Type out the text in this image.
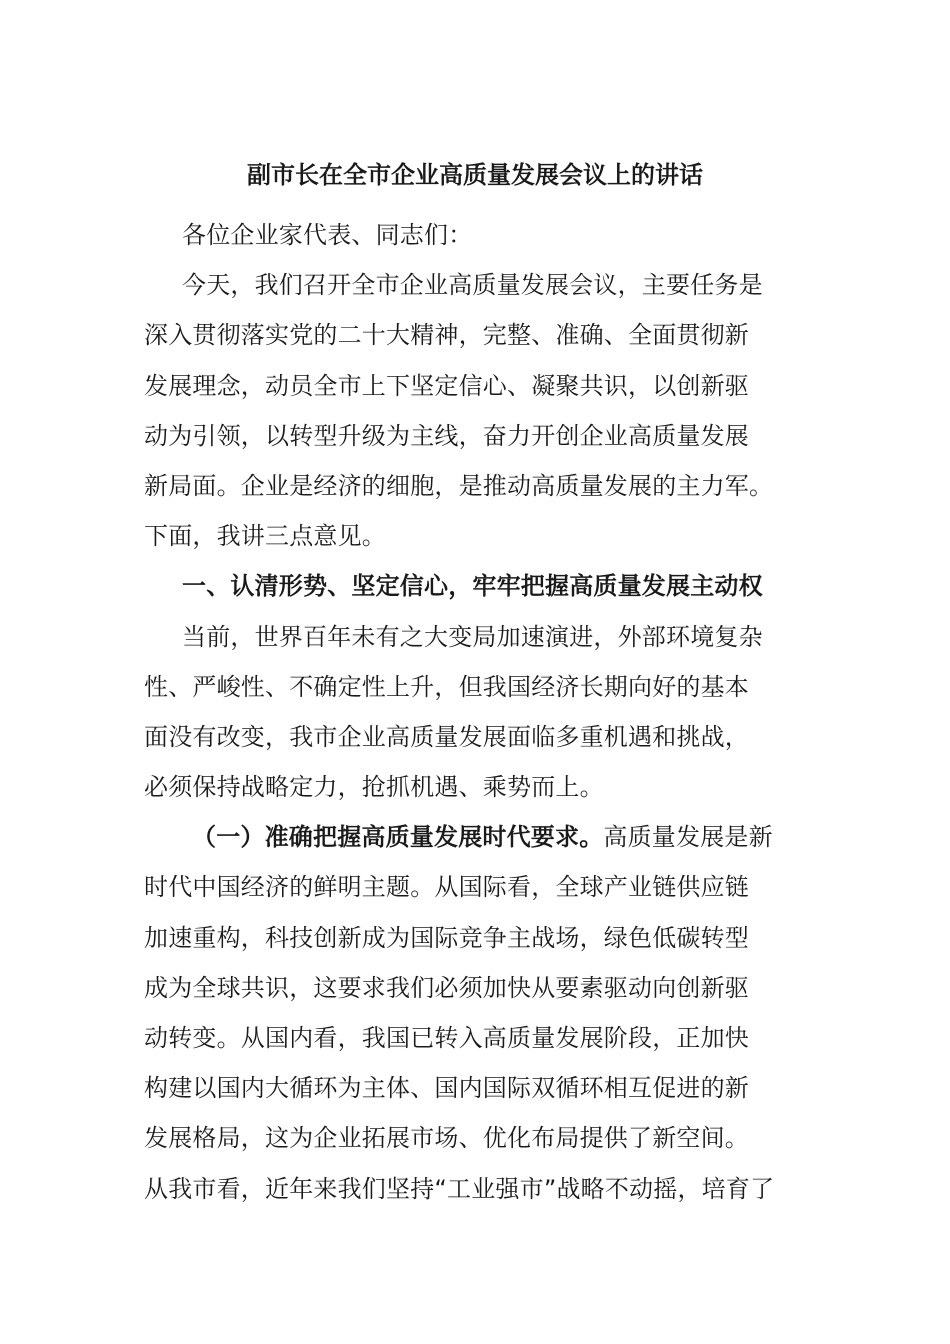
副市长在全市企业高质量发展会议上的讲话
各位企业家代表、同志们：
今天，我们召开全市企业高质量发展会议，主要任务是
深入贯彻落实党的二十大精神，完整、准确、全面贯彻新
发展理念，动员全市上下坚定信心、凝聚共识，以创新驱
动为引领，以转型升级为主线，奋力开创企业高质量发展
新局面。企业是经济的细胞，是推动高质量发展的主力军。
下面，我讲三点意见。
一、认清形势、坚定信心，牢牢把握高质量发展主动权
当前，世界百年未有之大变局加速演进，外部环境复杂
性、严峻性、不确定性上升，但我国经济长期向好的基本
面没有改变，我市企业高质量发展面临多重机遇和挑战，
必须保持战略定力，抢抓机遇、乘势而上。
（一）准确把握高质量发展时代要求。高质量发展是新
时代中国经济的鲜明主题。从国际看，全球产业链供应链
加速重构，科技创新成为国际竞争主战场，绿色低碳转型
成为全球共识，这要求我们必须加快从要素驱动向创新驱
动转变。从国内看，我国已转入高质量发展阶段，正加快
构建以国内大循环为主体、国内国际双循环相互促进的新
发展格局，这为企业拓展市场、优化布局提供了新空间。
从我市看，近年来我们坚持“工业强市”战略不动摇，培育了
